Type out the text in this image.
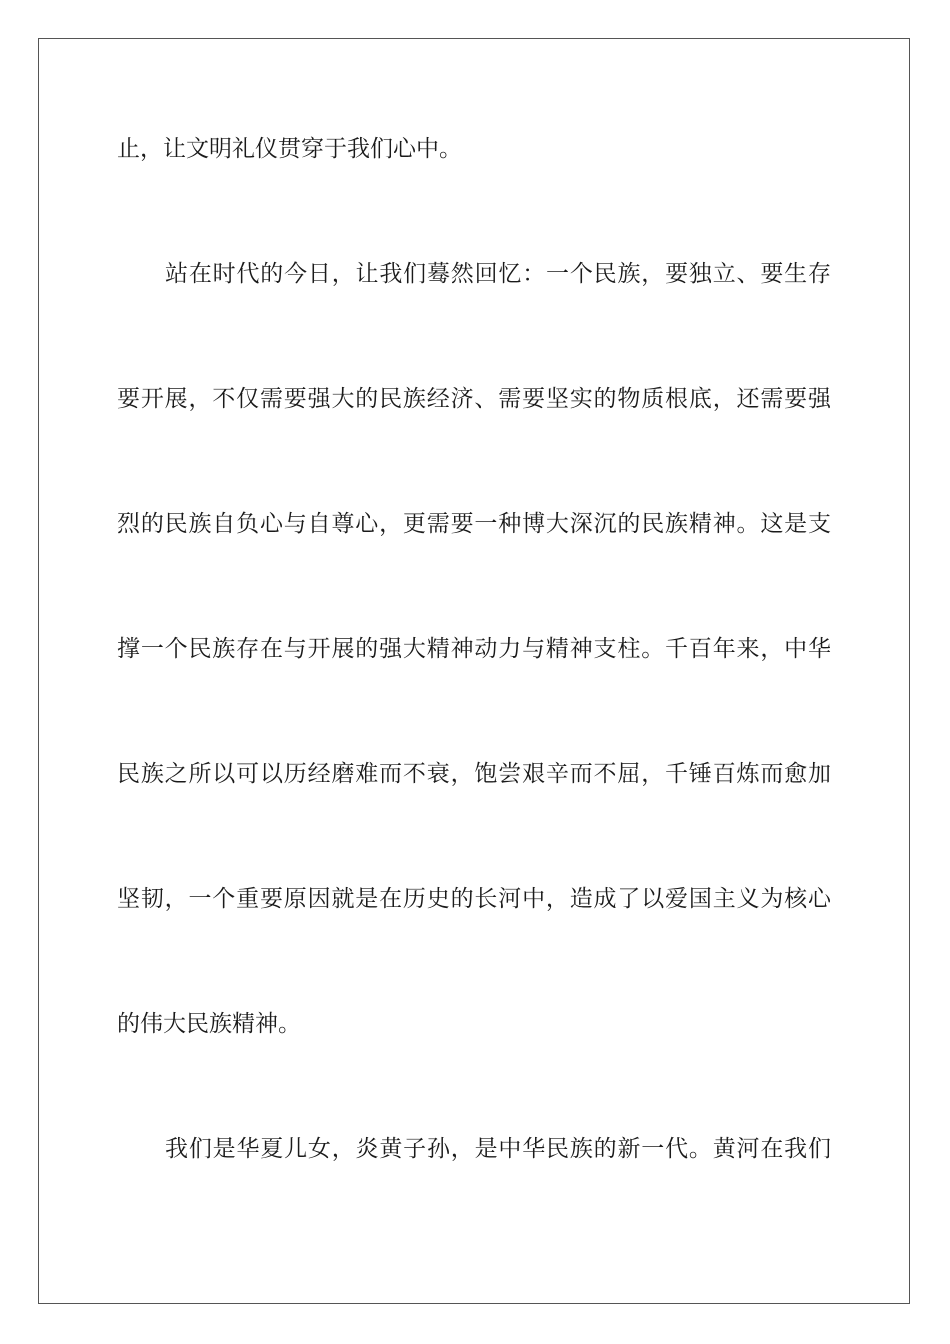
止，让文明礼仪贯穿于我们心中。

站在时代的今日，让我们蓦然回忆：一个民族，要独立、要生存

要开展，不仅需要强大的民族经济、需要坚实的物质根底，还需要强

烈的民族自负心与自尊心，更需要一种博大深沉的民族精神。这是支

撑一个民族存在与开展的强大精神动力与精神支柱。千百年来，中华

民族之所以可以历经磨难而不衰，饱尝艰辛而不屈，千锤百炼而愈加

坚韧，一个重要原因就是在历史的长河中，造成了以爱国主义为核心

的伟大民族精神。

我们是华夏儿女，炎黄子孙，是中华民族的新一代。黄河在我们
